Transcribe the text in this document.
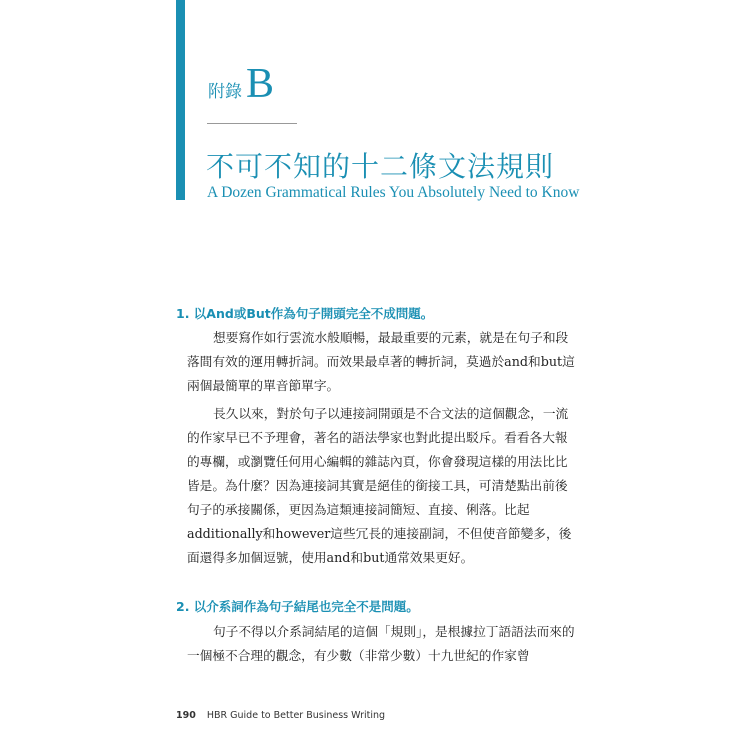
附錄 B
不可不知的十二條文法規則
A Dozen Grammatical Rules You Absolutely Need to Know
1. 以And或But作為句子開頭完全不成問題。

想要寫作如行雲流水般順暢，最最重要的元素，就是在句子和段落間有效的運用轉折詞。而效果最卓著的轉折詞，莫過於and和but這兩個最簡單的單音節單字。

長久以來，對於句子以連接詞開頭是不合文法的這個觀念，一流的作家早已不予理會，著名的語法學家也對此提出駁斥。看看各大報的專欄，或瀏覽任何用心編輯的雜誌內頁，你會發現這樣的用法比比皆是。為什麼？因為連接詞其實是絕佳的銜接工具，可清楚點出前後句子的承接關係，更因為這類連接詞簡短、直接、俐落。比起additionally和however這些冗長的連接副詞，不但使音節變多，後面還得多加個逗號，使用and和but通常效果更好。

2. 以介系詞作為句子結尾也完全不是問題。

句子不得以介系詞結尾的這個「規則」，是根據拉丁語語法而來的一個極不合理的觀念，有少數（非常少數）十九世紀的作家曾

190 HBR Guide to Better Business Writing
